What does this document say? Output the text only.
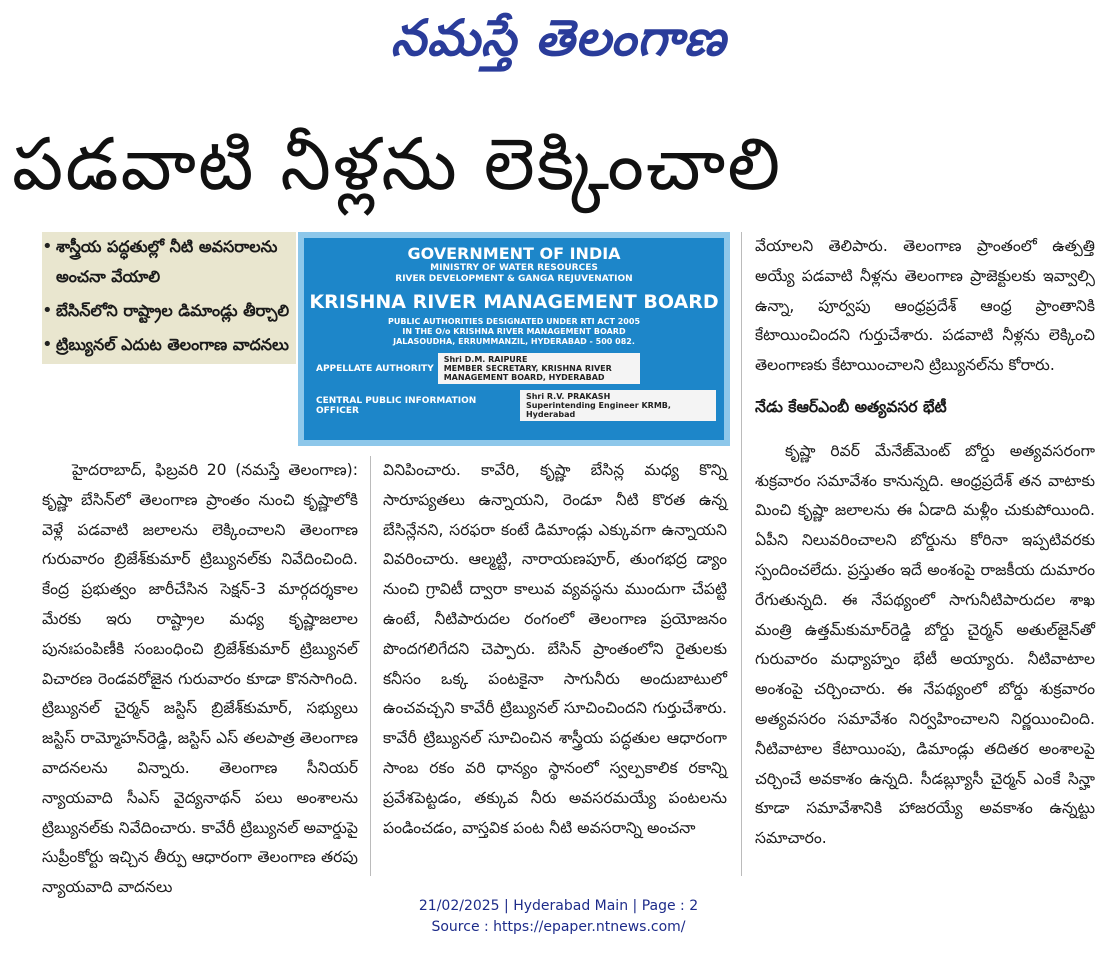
నమస్తే తెలంగాణ
పడవాటి నీళ్లను లెక్కించాలి
• శాస్త్రీయ పద్ధతుల్లో నీటి అవసరాలను అంచనా వేయాలి
• బేసిన్‌లోని రాష్ట్రాల డిమాండ్లు తీర్చాలి
• ట్రిబ్యునల్ ఎదుట తెలంగాణ వాదనలు
GOVERNMENT OF INDIA
MINISTRY OF WATER RESOURCES
RIVER DEVELOPMENT & GANGA REJUVENATION
KRISHNA RIVER MANAGEMENT BOARD
PUBLIC AUTHORITIES DESIGNATED UNDER RTI ACT 2005
IN THE O/o KRISHNA RIVER MANAGEMENT BOARD
JALASOUDHA, ERRUMMANZIL, HYDERABAD - 500 082.
APPELLATE AUTHORITY
Shri D.M. RAIPURE
MEMBER SECRETARY, KRISHNA RIVER MANAGEMENT BOARD, HYDERABAD
CENTRAL PUBLIC INFORMATION OFFICER
Shri R.V. PRAKASH
Superintending Engineer KRMB, Hyderabad

హైదరాబాద్, ఫిబ్రవరి 20 (నమస్తే తెలంగాణ): కృష్ణా బేసిన్‌లో తెలంగాణ ప్రాంతం నుంచి కృష్ణాలోకి వెళ్లే పడవాటి జలాలను లెక్కించాలని తెలంగాణ గురువారం బ్రిజేశ్‌కుమార్ ట్రిబ్యునల్‌కు నివేదించింది. కేంద్ర ప్రభుత్వం జారీచేసిన సెక్షన్-3 మార్గదర్శకాల మేరకు ఇరు రాష్ట్రాల మధ్య కృష్ణాజలాల పునఃపంపిణీకి సంబంధించి బ్రిజేశ్‌కుమార్ ట్రిబ్యునల్ విచారణ రెండవరోజైన గురువారం కూడా కొనసాగింది. ట్రిబ్యునల్ చైర్మన్ జస్టిస్ బ్రిజేశ్‌కుమార్, సభ్యులు జస్టిస్ రామ్మోహన్‌రెడ్డి, జస్టిస్ ఎస్ తలపాత్ర తెలంగాణ వాదనలను విన్నారు. తెలంగాణ సీనియర్ న్యాయవాది సీఎస్ వైద్యనాథన్ పలు అంశాలను ట్రిబ్యునల్‌కు నివేదించారు. కావేరీ ట్రిబ్యునల్ అవార్డుపై సుప్రీంకోర్టు ఇచ్చిన తీర్పు ఆధారంగా తెలంగాణ తరపు న్యాయవాది వాదనలు

వినిపించారు. కావేరి, కృష్ణా బేసిన్ల మధ్య కొన్ని సారూప్యతలు ఉన్నాయని, రెండూ నీటి కొరత ఉన్న బేసిన్లేనని, సరఫరా కంటే డిమాండ్లు ఎక్కువగా ఉన్నాయని వివరించారు. ఆల్మట్టి, నారాయణపూర్, తుంగభద్ర డ్యాం నుంచి గ్రావిటీ ద్వారా కాలువ వ్యవస్థను ముందుగా చేపట్టి ఉంటే, నీటిపారుదల రంగంలో తెలంగాణ ప్రయోజనం పొందగలిగేదని చెప్పారు. బేసిన్ ప్రాంతంలోని రైతులకు కనీసం ఒక్క పంటకైనా సాగునీరు అందుబాటులో ఉంచవచ్చని కావేరీ ట్రిబ్యునల్ సూచించిందని గుర్తుచేశారు. కావేరీ ట్రిబ్యునల్ సూచించిన శాస్త్రీయ పద్ధతుల ఆధారంగా సాంబ రకం వరి ధాన్యం స్థానంలో స్వల్పకాలిక రకాన్ని ప్రవేశపెట్టడం, తక్కువ నీరు అవసరమయ్యే పంటలను పండించడం, వాస్తవిక పంట నీటి అవసరాన్ని అంచనా

వేయాలని తెలిపారు. తెలంగాణ ప్రాంతంలో ఉత్పత్తి అయ్యే పడవాటి నీళ్లను తెలంగాణ ప్రాజెక్టులకు ఇవ్వాల్సి ఉన్నా, పూర్వపు ఆంధ్రప్రదేశ్ ఆంధ్ర ప్రాంతానికి కేటాయించిందని గుర్తుచేశారు. పడవాటి నీళ్లను లెక్కించి తెలంగాణకు కేటాయించాలని ట్రిబ్యునల్‌ను కోరారు.

నేడు కేఆర్‌ఎంబీ అత్యవసర భేటీ

కృష్ణా రివర్ మేనేజ్‌మెంట్ బోర్డు అత్యవసరంగా శుక్రవారం సమావేశం కానున్నది. ఆంధ్రప్రదేశ్ తన వాటాకు మించి కృష్ణా జలాలను ఈ ఏడాది మళ్లీం చుకుపోయింది. ఏపీని నిలువరించాలని బోర్డును కోరినా ఇప్పటివరకు స్పందించలేదు. ప్రస్తుతం ఇదే అంశంపై రాజకీయ దుమారం రేగుతున్నది. ఈ నేపథ్యంలో సాగునీటిపారుదల శాఖ మంత్రి ఉత్తమ్‌కుమార్‌రెడ్డి బోర్డు చైర్మన్ అతుల్‌జైన్‌తో గురువారం మధ్యాహ్నం భేటీ అయ్యారు. నీటివాటాల అంశంపై చర్చించారు. ఈ నేపథ్యంలో బోర్డు శుక్రవారం అత్యవసరం సమావేశం నిర్వహించాలని నిర్ణయించింది. నీటివాటాల కేటాయింపు, డిమాండ్లు తదితర అంశాలపై చర్చించే అవకాశం ఉన్నది. సీడబ్ల్యూసీ చైర్మన్ ఎంకే సిన్హా కూడా సమావేశానికి హాజరయ్యే అవకాశం ఉన్నట్టు సమాచారం.

21/02/2025 | Hyderabad Main | Page : 2
Source : https://epaper.ntnews.com/
